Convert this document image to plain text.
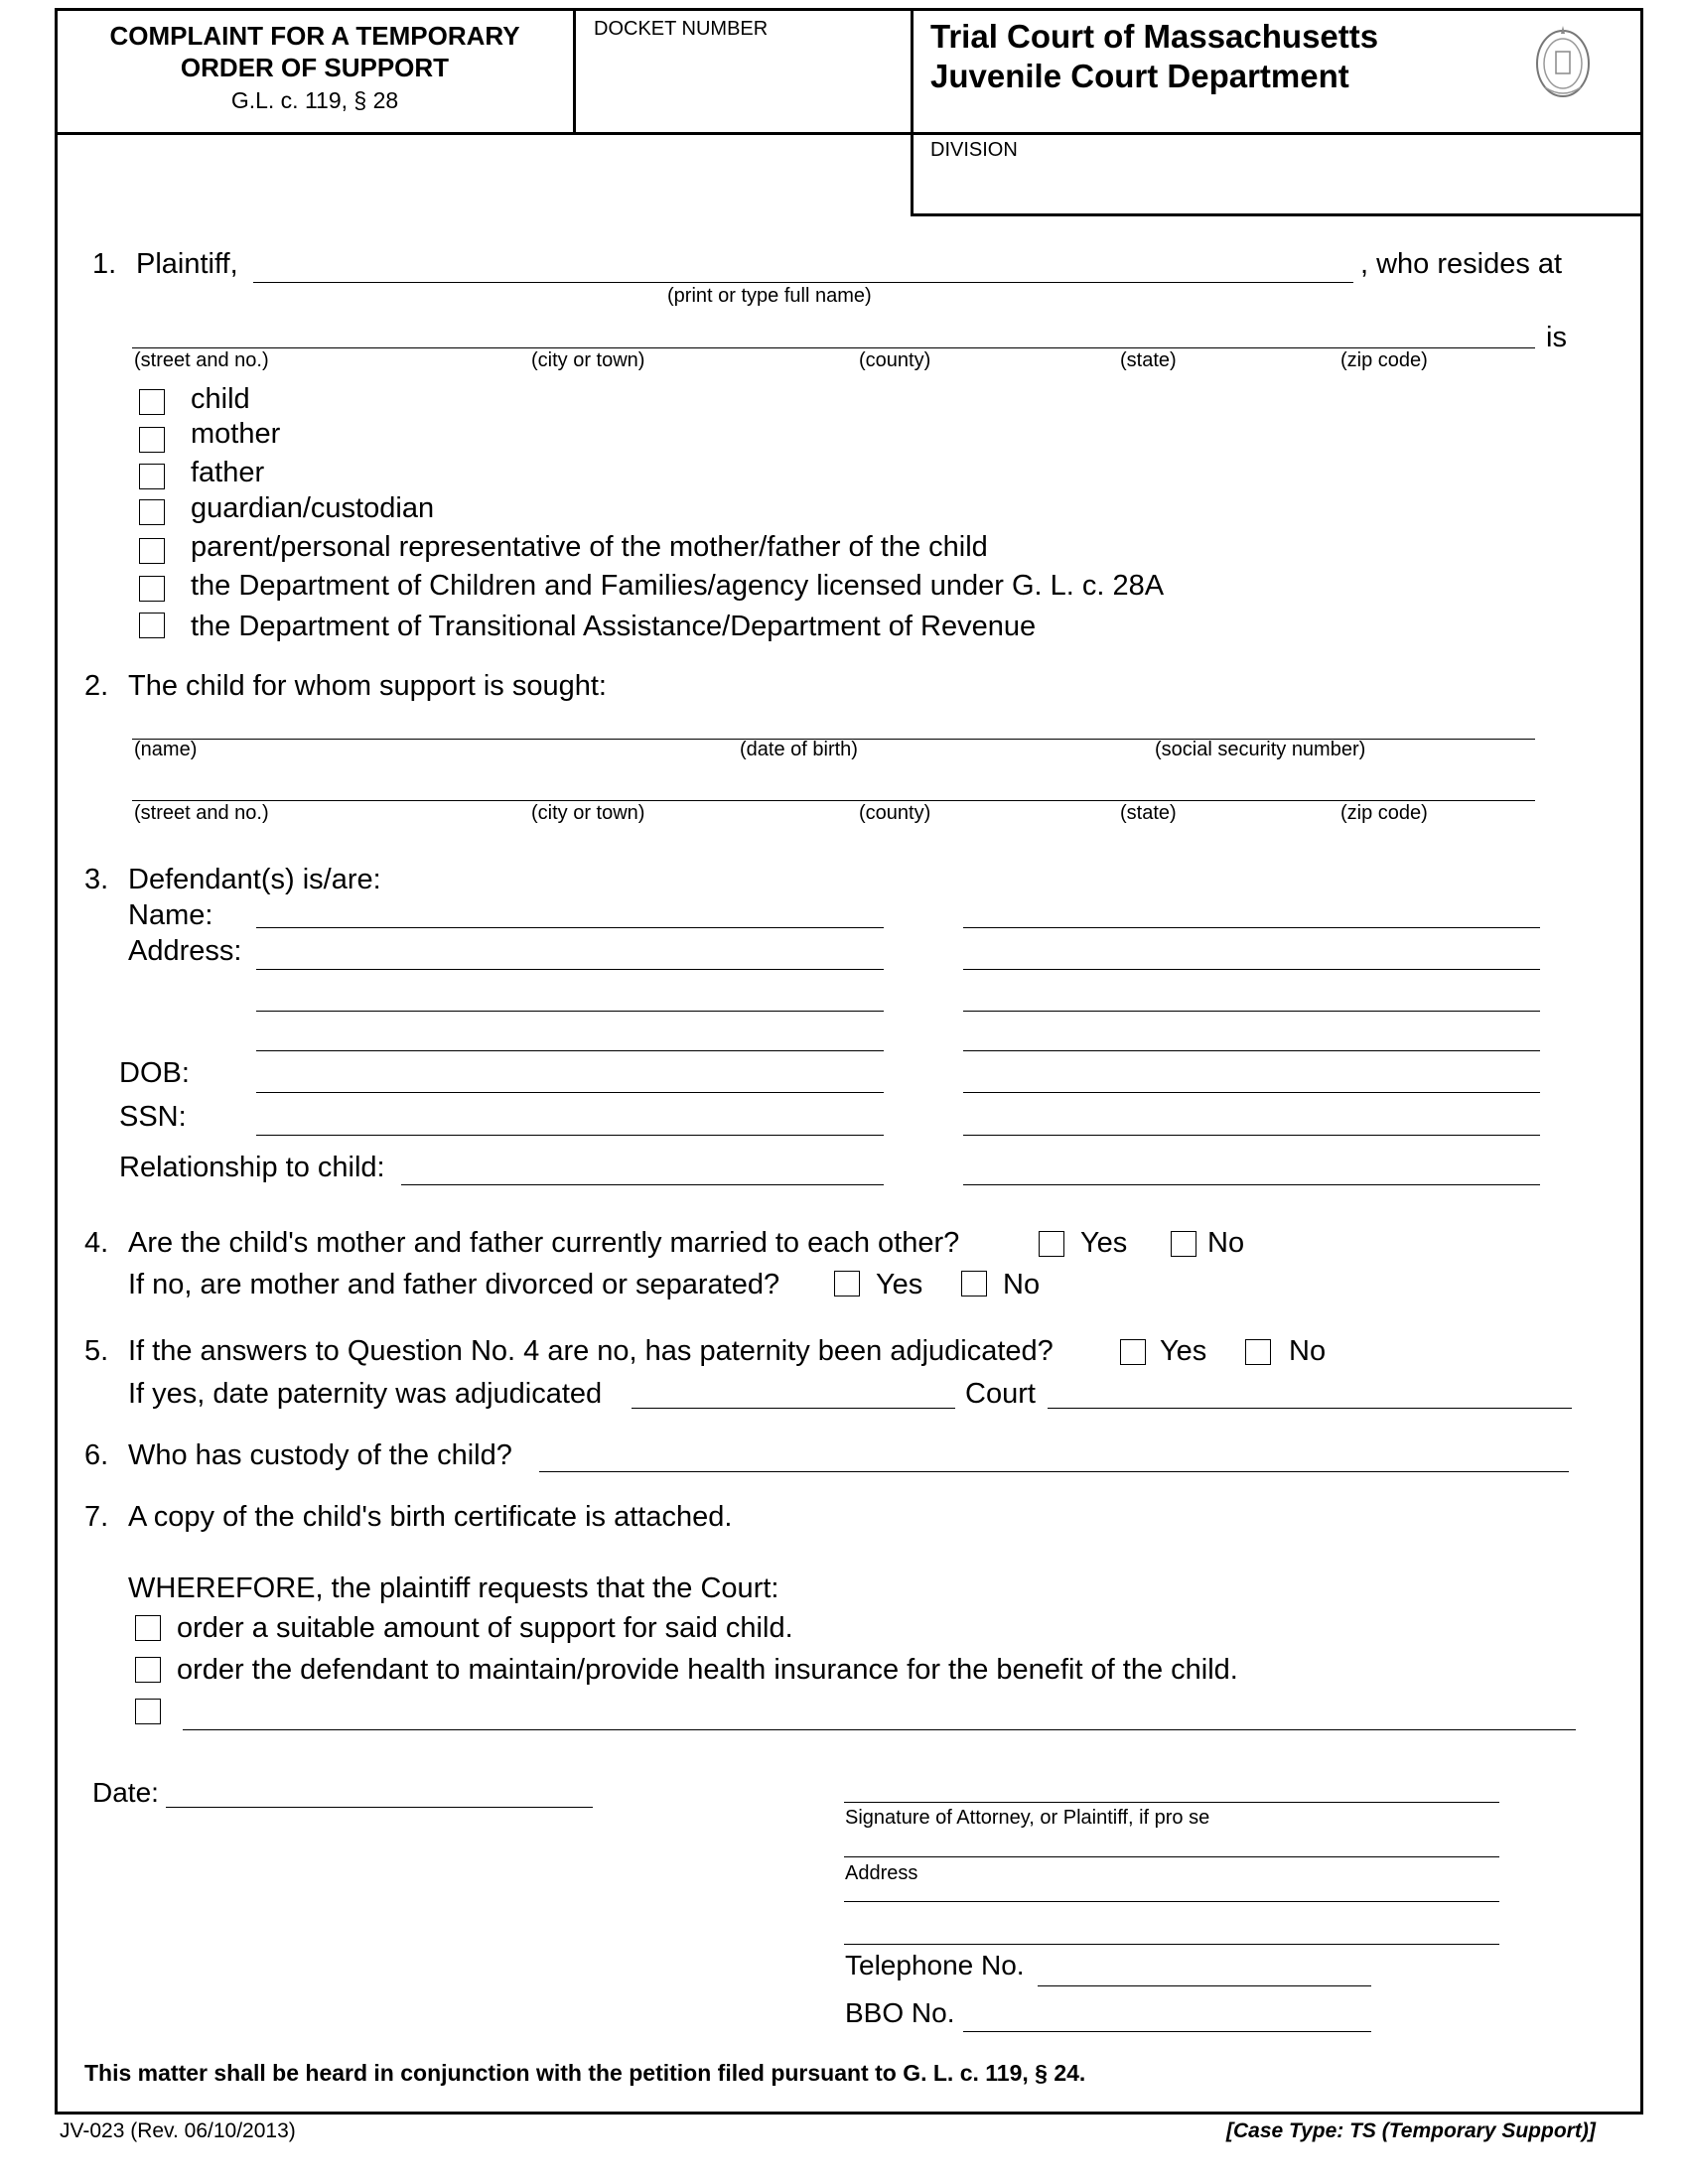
COMPLAINT FOR A TEMPORARY
ORDER OF SUPPORT
G.L. c. 119, § 28
DOCKET NUMBER	Trial Court of Massachusetts
Juvenile Court Department
DIVISION
1. Plaintiff,	, who resides at
(print or type full name)
is
(street and no.)	(city or town)	(county)	(state)	(zip code)
child
mother
father
guardian/custodian
parent/personal representative of the mother/father of the child
the Department of Children and Families/agency licensed under G. L. c. 28A
the Department of Transitional Assistance/Department of Revenue
2. The child for whom support is sought:
(name)	(date of birth)	(social security number)
(street and no.)	(city or town)	(county)	(state)	(zip code)
3. Defendant(s) is/are:
Name:
Address:
DOB:
SSN:
Relationship to child:
4. Are the child's mother and father currently married to each other?	Yes	No
If no, are mother and father divorced or separated?	Yes	No
5. If the answers to Question No. 4 are no, has paternity been adjudicated?	Yes	No
If yes, date paternity was adjudicated	Court
6. Who has custody of the child?
7. A copy of the child's birth certificate is attached.
WHEREFORE, the plaintiff requests that the Court:
order a suitable amount of support for said child.
order the defendant to maintain/provide health insurance for the benefit of the child.
Date:
Signature of Attorney, or Plaintiff, if pro se
Address
Telephone No.
BBO No.
This matter shall be heard in conjunction with the petition filed pursuant to G. L. c. 119, § 24.
JV-023 (Rev. 06/10/2013)	[Case Type: TS (Temporary Support)]
